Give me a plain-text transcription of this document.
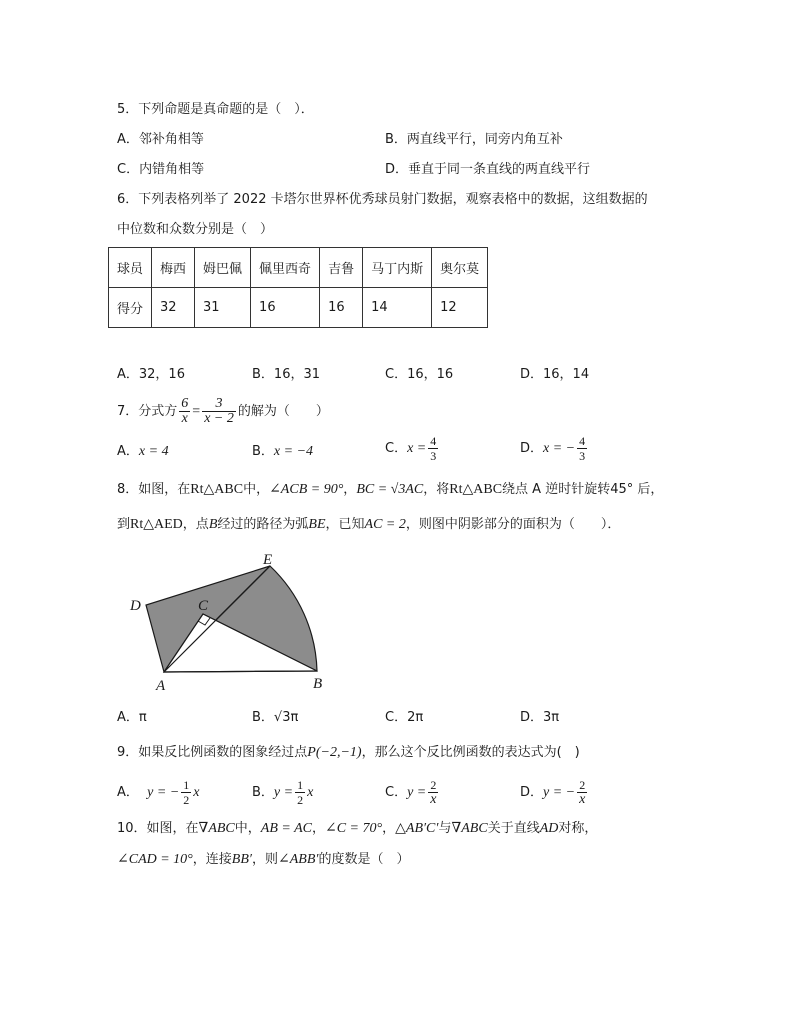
5．下列命题是真命题的是（　）．
A．邻补角相等	B．两直线平行，同旁内角互补
C．内错角相等	D．垂直于同一条直线的两直线平行
6．下列表格列举了 2022 卡塔尔世界杯优秀球员射门数据，观察表格中的数据，这组数据的
中位数和众数分别是（　）
球员	梅西	姆巴佩	佩里西奇	吉鲁	马丁内斯	奥尔莫
得分	32	31	16	16	14	12
A．32，16	B．16，31	C．16，16	D．16，14
7．分式方 $\frac{6}{x} = \frac{3}{x - 2}$ 的解为（　　）
A．x = 4	B．x = −4	C．$x = \frac{4}{3}$	D．x = − $\frac{4}{3}$
8．如图，在Rt△ABC中，∠ACB = 90°，BC = √3AC，将Rt△ABC绕点 A 逆时针旋转45° 后，
到Rt△AED，点B经过的路径为弧BE，已知AC = 2，则图中阴影部分的面积为（　　）．
E
D	C
A	B
A．π	B．√3π	C．2π	D．3π
9．如果反比例函数的图象经过点P(−2,−1)，那么这个反比例函数的表达式为(　)
A． y = − $\frac{1}{2}$ x	B．$y = \frac{1}{2}$ x	C．$y = \frac{2}{x}$	D．y = − $\frac{2}{x}$
10．如图，在∇ABC中，AB = AC，∠C = 70°，△AB′C′与∇ABC关于直线AD对称，
∠CAD = 10°，连接BB′，则∠ABB′的度数是（　）
